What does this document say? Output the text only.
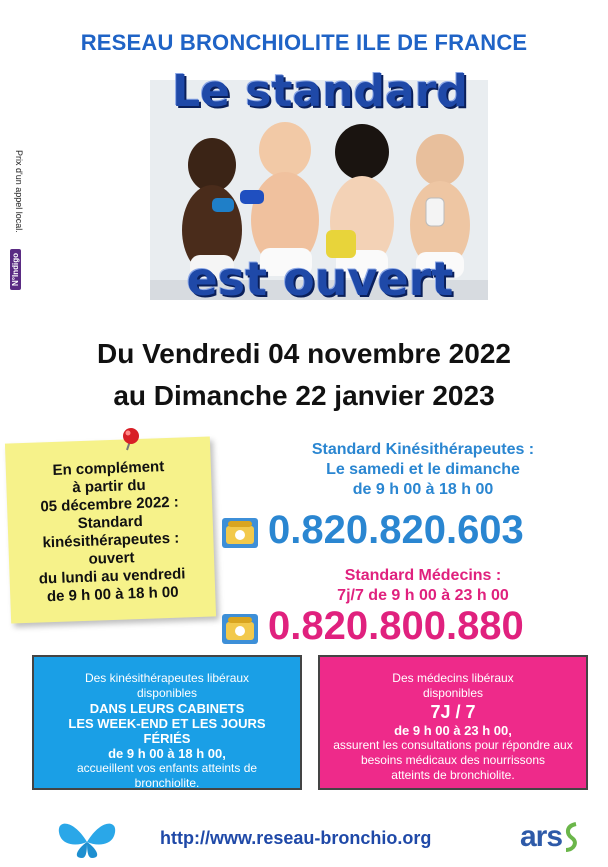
RESEAU BRONCHIOLITE ILE DE FRANCE
Le standard
est ouvert
N°Indigo
Prix d'un appel local.
Du Vendredi 04 novembre 2022
au Dimanche 22 janvier 2023
En complément
à partir du
05 décembre 2022 :
Standard
kinésithérapeutes :
ouvert
du lundi au vendredi
de 9 h 00 à 18 h 00
Standard Kinésithérapeutes :
Le samedi et le dimanche
de 9 h 00 à 18 h 00
0.820.820.603
Standard Médecins :
7j/7 de 9 h 00 à 23 h 00
0.820.800.880
Des kinésithérapeutes libéraux
disponibles
DANS LEURS CABINETS
LES WEEK-END ET LES JOURS FÉRIÉS
de 9 h 00 à 18 h 00,
accueillent vos enfants atteints de bronchiolite.
Des médecins libéraux
disponibles
7J / 7
de 9 h 00 à 23 h 00,
assurent les consultations pour répondre aux
besoins médicaux des nourrissons
atteints de bronchiolite.
http://www.reseau-bronchio.org	ars
